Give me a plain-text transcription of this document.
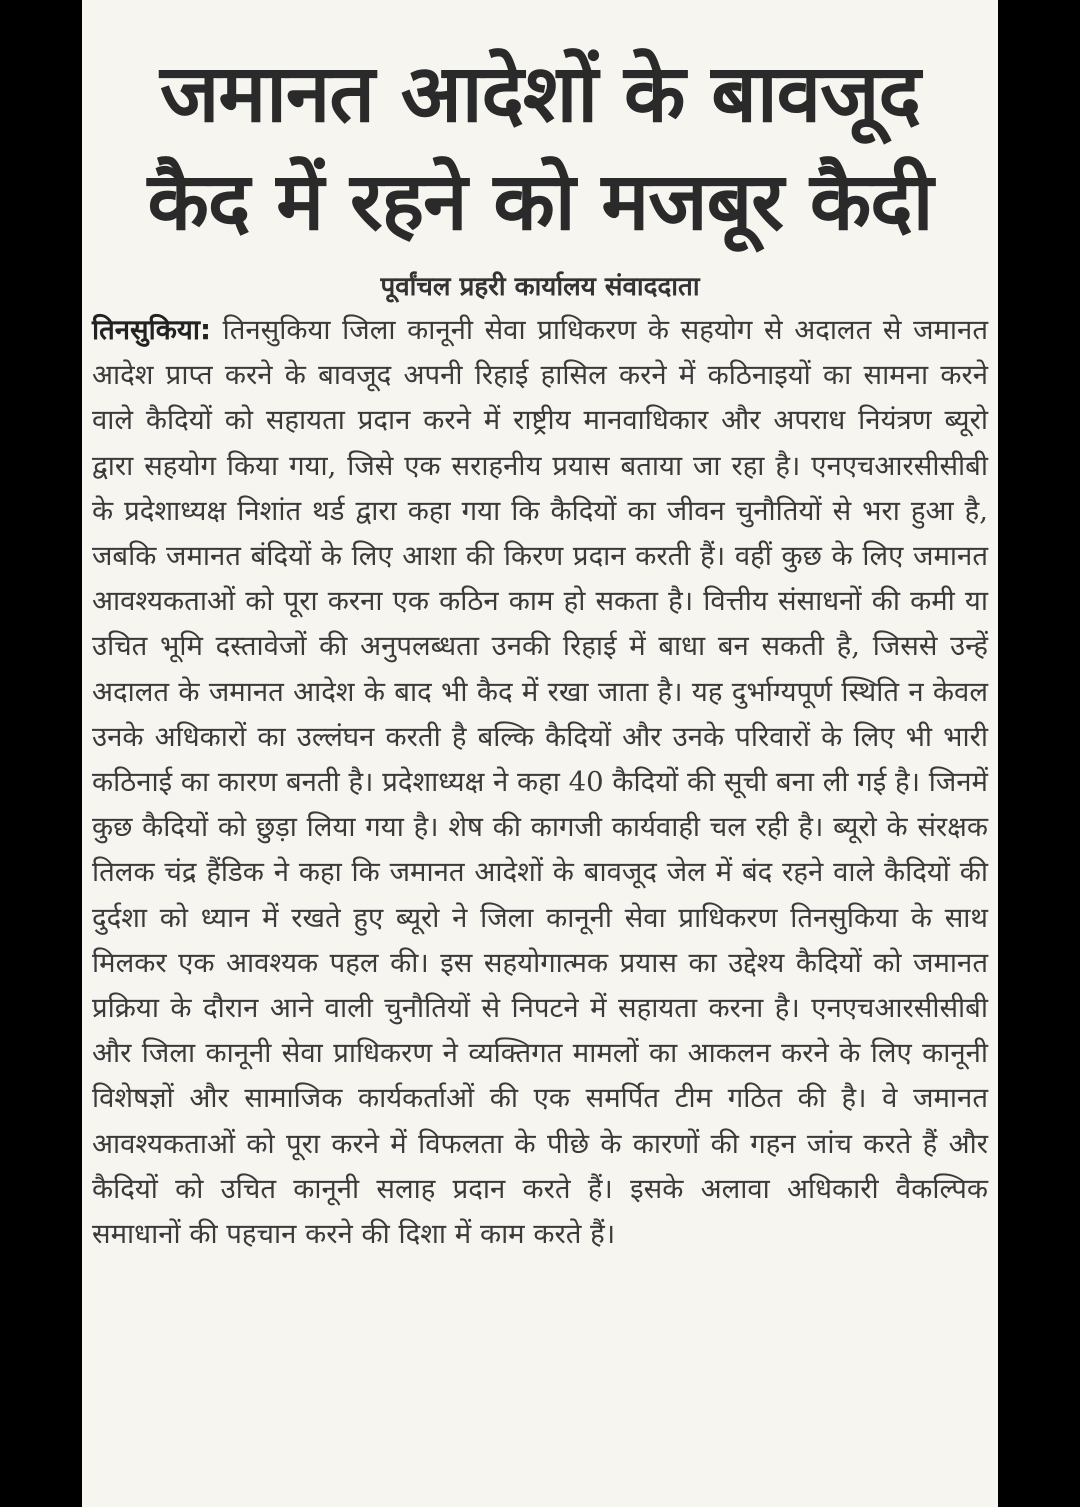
जमानत आदेशों के बावजूद
कैद में रहने को मजबूर कैदी
पूर्वांचल प्रहरी कार्यालय संवाददाता

तिनसुकिया: तिनसुकिया जिला कानूनी सेवा प्राधिकरण के सहयोग से अदालत से जमानत आदेश प्राप्त करने के बावजूद अपनी रिहाई हासिल करने में कठिनाइयों का सामना करने वाले कैदियों को सहायता प्रदान करने में राष्ट्रीय मानवाधिकार और अपराध नियंत्रण ब्यूरो द्वारा सहयोग किया गया, जिसे एक सराहनीय प्रयास बताया जा रहा है। एनएचआरसीसीबी के प्रदेशाध्यक्ष निशांत थर्ड द्वारा कहा गया कि कैदियों का जीवन चुनौतियों से भरा हुआ है, जबकि जमानत बंदियों के लिए आशा की किरण प्रदान करती हैं। वहीं कुछ के लिए जमानत आवश्यकताओं को पूरा करना एक कठिन काम हो सकता है। वित्तीय संसाधनों की कमी या उचित भूमि दस्तावेजों की अनुपलब्धता उनकी रिहाई में बाधा बन सकती है, जिससे उन्हें अदालत के जमानत आदेश के बाद भी कैद में रखा जाता है। यह दुर्भाग्यपूर्ण स्थिति न केवल उनके अधिकारों का उल्लंघन करती है बल्कि कैदियों और उनके परिवारों के लिए भी भारी कठिनाई का कारण बनती है। प्रदेशाध्यक्ष ने कहा 40 कैदियों की सूची बना ली गई है। जिनमें कुछ कैदियों को छुड़ा लिया गया है। शेष की कागजी कार्यवाही चल रही है। ब्यूरो के संरक्षक तिलक चंद्र हैंडिक ने कहा कि जमानत आदेशों के बावजूद जेल में बंद रहने वाले कैदियों की दुर्दशा को ध्यान में रखते हुए ब्यूरो ने जिला कानूनी सेवा प्राधिकरण तिनसुकिया के साथ मिलकर एक आवश्यक पहल की। इस सहयोगात्मक प्रयास का उद्देश्य कैदियों को जमानत प्रक्रिया के दौरान आने वाली चुनौतियों से निपटने में सहायता करना है। एनएचआरसीसीबी और जिला कानूनी सेवा प्राधिकरण ने व्यक्तिगत मामलों का आकलन करने के लिए कानूनी विशेषज्ञों और सामाजिक कार्यकर्ताओं की एक समर्पित टीम गठित की है। वे जमानत आवश्यकताओं को पूरा करने में विफलता के पीछे के कारणों की गहन जांच करते हैं और कैदियों को उचित कानूनी सलाह प्रदान करते हैं। इसके अलावा अधिकारी वैकल्पिक समाधानों की पहचान करने की दिशा में काम करते हैं।
